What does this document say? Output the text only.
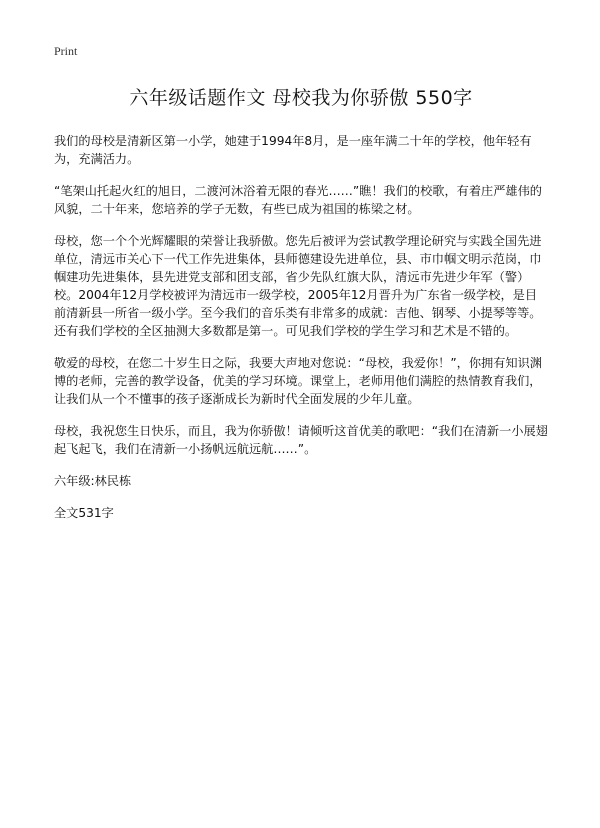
Print
六年级话题作文 母校我为你骄傲 550字

我们的母校是清新区第一小学，她建于1994年8月，是一座年满二十年的学校，他年轻有为，充满活力。

“笔架山托起火红的旭日，二渡河沐浴着无限的春光……”瞧！我们的校歌，有着庄严雄伟的风貌，二十年来，您培养的学子无数，有些已成为祖国的栋梁之材。

母校，您一个个光辉耀眼的荣誉让我骄傲。您先后被评为尝试教学理论研究与实践全国先进单位，清远市关心下一代工作先进集体，县师德建设先进单位，县、市巾帼文明示范岗，巾帼建功先进集体，县先进党支部和团支部，省少先队红旗大队，清远市先进少年军（警）校。2004年12月学校被评为清远市一级学校，2005年12月晋升为广东省一级学校，是目前清新县一所省一级小学。至今我们的音乐类有非常多的成就：吉他、钢琴、小提琴等等。还有我们学校的全区抽测大多数都是第一。可见我们学校的学生学习和艺术是不错的。

敬爱的母校，在您二十岁生日之际，我要大声地对您说：“母校，我爱你！”，你拥有知识渊博的老师，完善的教学设备，优美的学习环境。课堂上，老师用他们满腔的热情教育我们，让我们从一个不懂事的孩子逐渐成长为新时代全面发展的少年儿童。

母校，我祝您生日快乐，而且，我为你骄傲！请倾听这首优美的歌吧：“我们在清新一小展翅起飞起飞，我们在清新一小扬帆远航远航……”。

六年级:林民栋
全文531字
